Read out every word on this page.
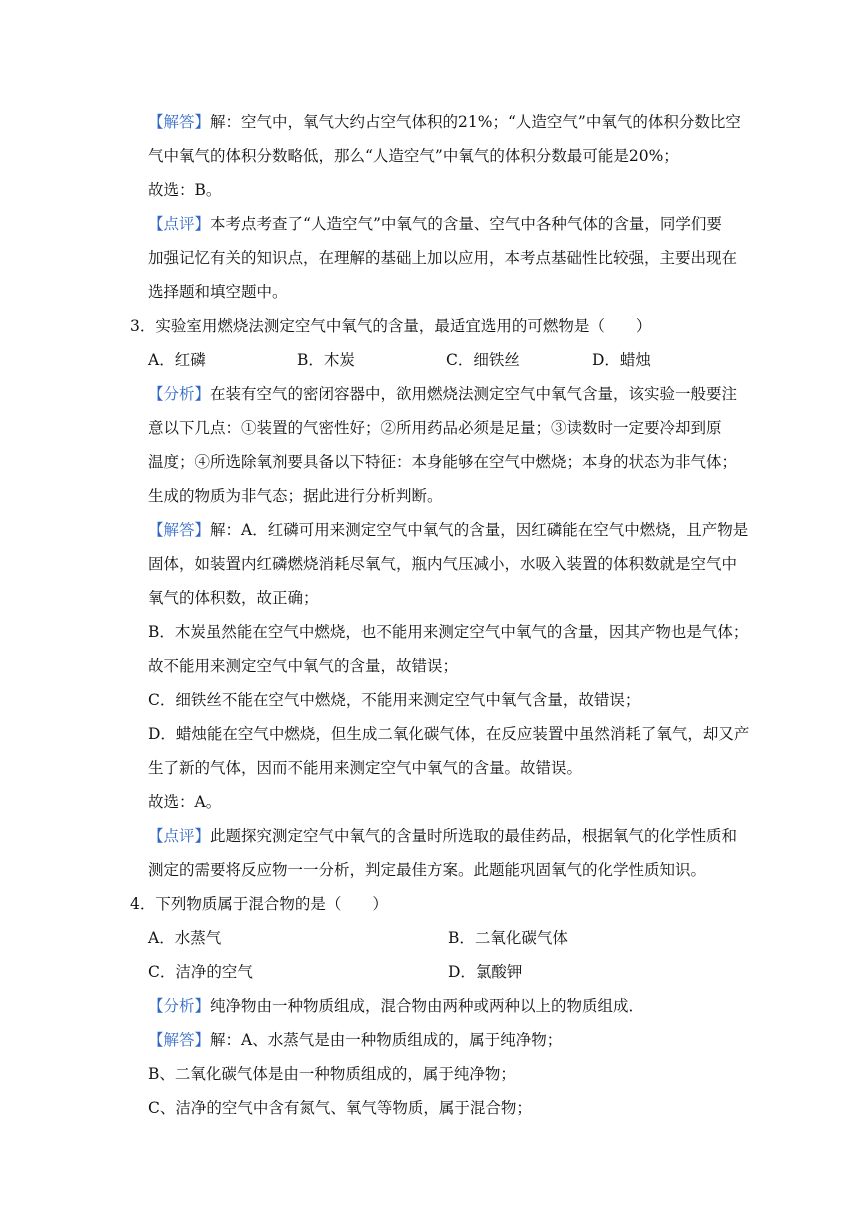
【解答】解：空气中，氧气大约占空气体积的21%；“人造空气”中氧气的体积分数比空
气中氧气的体积分数略低，那么“人造空气”中氧气的体积分数最可能是20%；
故选：B。
【点评】本考点考查了“人造空气”中氧气的含量、空气中各种气体的含量，同学们要
加强记忆有关的知识点，在理解的基础上加以应用，本考点基础性比较强，主要出现在
选择题和填空题中。
3．实验室用燃烧法测定空气中氧气的含量，最适宜选用的可燃物是（　　）
A．红磷	B．木炭	C．细铁丝	D．蜡烛
【分析】在装有空气的密闭容器中，欲用燃烧法测定空气中氧气含量，该实验一般要注
意以下几点：①装置的气密性好；②所用药品必须是足量；③读数时一定要冷却到原
温度；④所选除氧剂要具备以下特征：本身能够在空气中燃烧；本身的状态为非气体；
生成的物质为非气态；据此进行分析判断。
【解答】解：A．红磷可用来测定空气中氧气的含量，因红磷能在空气中燃烧，且产物是
固体，如装置内红磷燃烧消耗尽氧气，瓶内气压减小，水吸入装置的体积数就是空气中
氧气的体积数，故正确；
B．木炭虽然能在空气中燃烧，也不能用来测定空气中氧气的含量，因其产物也是气体；
故不能用来测定空气中氧气的含量，故错误；
C．细铁丝不能在空气中燃烧，不能用来测定空气中氧气含量，故错误；
D．蜡烛能在空气中燃烧，但生成二氧化碳气体，在反应装置中虽然消耗了氧气，却又产
生了新的气体，因而不能用来测定空气中氧气的含量。故错误。
故选：A。
【点评】此题探究测定空气中氧气的含量时所选取的最佳药品，根据氧气的化学性质和
测定的需要将反应物一一分析，判定最佳方案。此题能巩固氧气的化学性质知识。
4．下列物质属于混合物的是（　　）
A．水蒸气	B．二氧化碳气体
C．洁净的空气	D．氯酸钾
【分析】纯净物由一种物质组成，混合物由两种或两种以上的物质组成．
【解答】解：A、水蒸气是由一种物质组成的，属于纯净物；
B、二氧化碳气体是由一种物质组成的，属于纯净物；
C、洁净的空气中含有氮气、氧气等物质，属于混合物；
